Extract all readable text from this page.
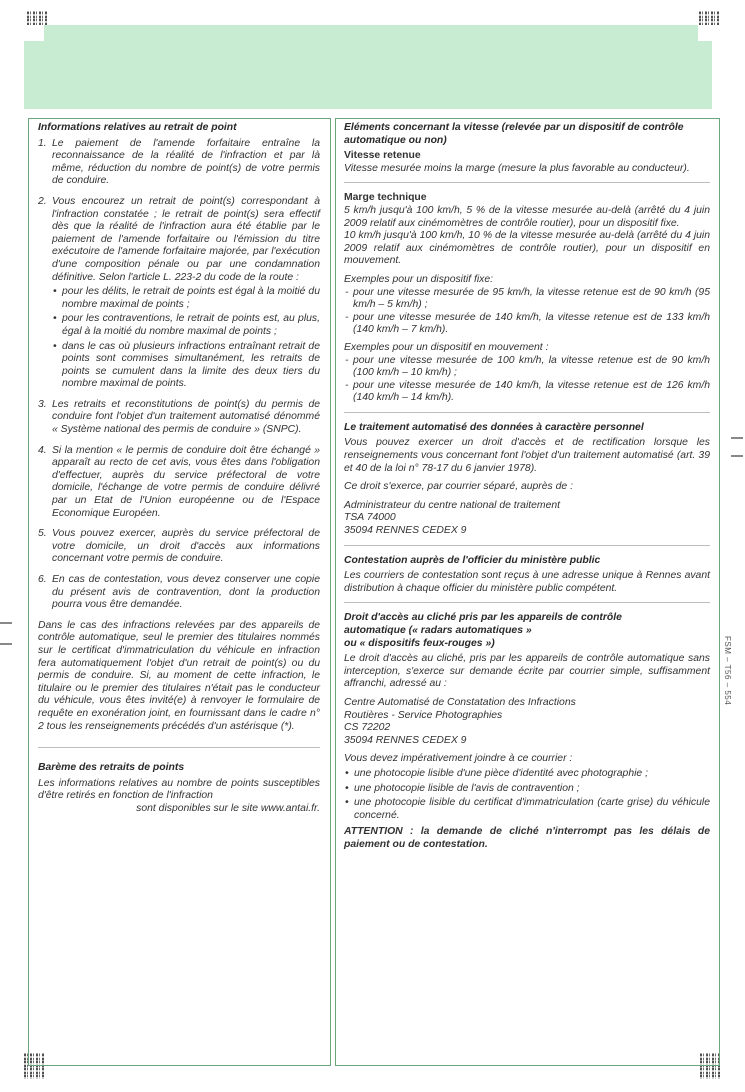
FSM – T56 – 554
Informations relatives au retrait de point
1. Le paiement de l'amende forfaitaire entraîne la reconnaissance de la réalité de l'infraction et par là même, réduction du nombre de point(s) de votre permis de conduire.
2. Vous encourez un retrait de point(s) correspondant à l'infraction constatée ; le retrait de point(s) sera effectif dès que la réalité de l'infraction aura été établie par le paiement de l'amende forfaitaire ou l'émission du titre exécutoire de l'amende forfaitaire majorée, par l'exécution d'une composition pénale ou par une condamnation définitive. Selon l'article L. 223-2 du code de la route :
• pour les délits, le retrait de points est égal à la moitié du nombre maximal de points ;
• pour les contraventions, le retrait de points est, au plus, égal à la moitié du nombre maximal de points ;
• dans le cas où plusieurs infractions entraînant retrait de points sont commises simultanément, les retraits de points se cumulent dans la limite des deux tiers du nombre maximal de points.
3. Les retraits et reconstitutions de point(s) du permis de conduire font l'objet d'un traitement automatisé dénommé « Système national des permis de conduire » (SNPC).
4. Si la mention « le permis de conduire doit être échangé » apparaît au recto de cet avis, vous êtes dans l'obligation d'effectuer, auprès du service préfectoral de votre domicile, l'échange de votre permis de conduire délivré par un Etat de l'Union européenne ou de l'Espace Economique Européen.
5. Vous pouvez exercer, auprès du service préfectoral de votre domicile, un droit d'accès aux informations concernant votre permis de conduire.
6. En cas de contestation, vous devez conserver une copie du présent avis de contravention, dont la production pourra vous être demandée.

Dans le cas des infractions relevées par des appareils de contrôle automatique, seul le premier des titulaires nommés sur le certificat d'immatriculation du véhicule en infraction fera automatiquement l'objet d'un retrait de point(s) ou du permis de conduire. Si, au moment de cette infraction, le titulaire ou le premier des titulaires n'était pas le conducteur du véhicule, vous êtes invité(e) à renvoyer le formulaire de requête en exonération joint, en fournissant dans le cadre n° 2 tous les renseignements précédés d'un astérisque (*).

Barème des retraits de points

Les informations relatives au nombre de points susceptibles d'être retirés en fonction de l'infraction

sont disponibles sur le site www.antai.fr.

Eléments concernant la vitesse (relevée par un dispositif de contrôle automatique ou non)
Vitesse retenue

Vitesse mesurée moins la marge (mesure la plus favorable au conducteur).

Marge technique

5 km/h jusqu'à 100 km/h, 5 % de la vitesse mesurée au-delà (arrêté du 4 juin 2009 relatif aux cinémomètres de contrôle routier), pour un dispositif fixe.

10 km/h jusqu'à 100 km/h, 10 % de la vitesse mesurée au-delà (arrêté du 4 juin 2009 relatif aux cinémomètres de contrôle routier), pour un dispositif en mouvement.

Exemples pour un dispositif fixe:
- pour une vitesse mesurée de 95 km/h, la vitesse retenue est de 90 km/h (95 km/h – 5 km/h) ;
- pour une vitesse mesurée de 140 km/h, la vitesse retenue est de 133 km/h (140 km/h – 7 km/h).
Exemples pour un dispositif en mouvement :
- pour une vitesse mesurée de 100 km/h, la vitesse retenue est de 90 km/h (100 km/h – 10 km/h) ;
- pour une vitesse mesurée de 140 km/h, la vitesse retenue est de 126 km/h (140 km/h – 14 km/h).
Le traitement automatisé des données à caractère personnel

Vous pouvez exercer un droit d'accès et de rectification lorsque les renseignements vous concernant font l'objet d'un traitement automatisé (art. 39 et 40 de la loi n° 78-17 du 6 janvier 1978).

Ce droit s'exerce, par courrier séparé, auprès de :

Administrateur du centre national de traitement
TSA 74000
35094 RENNES CEDEX 9
Contestation auprès de l'officier du ministère public

Les courriers de contestation sont reçus à une adresse unique à Rennes avant distribution à chaque officier du ministère public compétent.

Droit d'accès au cliché pris par les appareils de contrôle automatique (« radars automatiques »
ou « dispositifs feux-rouges »)

Le droit d'accès au cliché, pris par les appareils de contrôle automatique sans interception, s'exerce sur demande écrite par courrier simple, suffisamment affranchi, adressé au :

Centre Automatisé de Constatation des Infractions
Routières - Service Photographies
CS 72202
35094 RENNES CEDEX 9
Vous devez impérativement joindre à ce courrier :
• une photocopie lisible d'une pièce d'identité avec photographie ;
• une photocopie lisible de l'avis de contravention ;
• une photocopie lisible du certificat d'immatriculation (carte grise) du véhicule concerné.

ATTENTION : la demande de cliché n'interrompt pas les délais de paiement ou de contestation.
